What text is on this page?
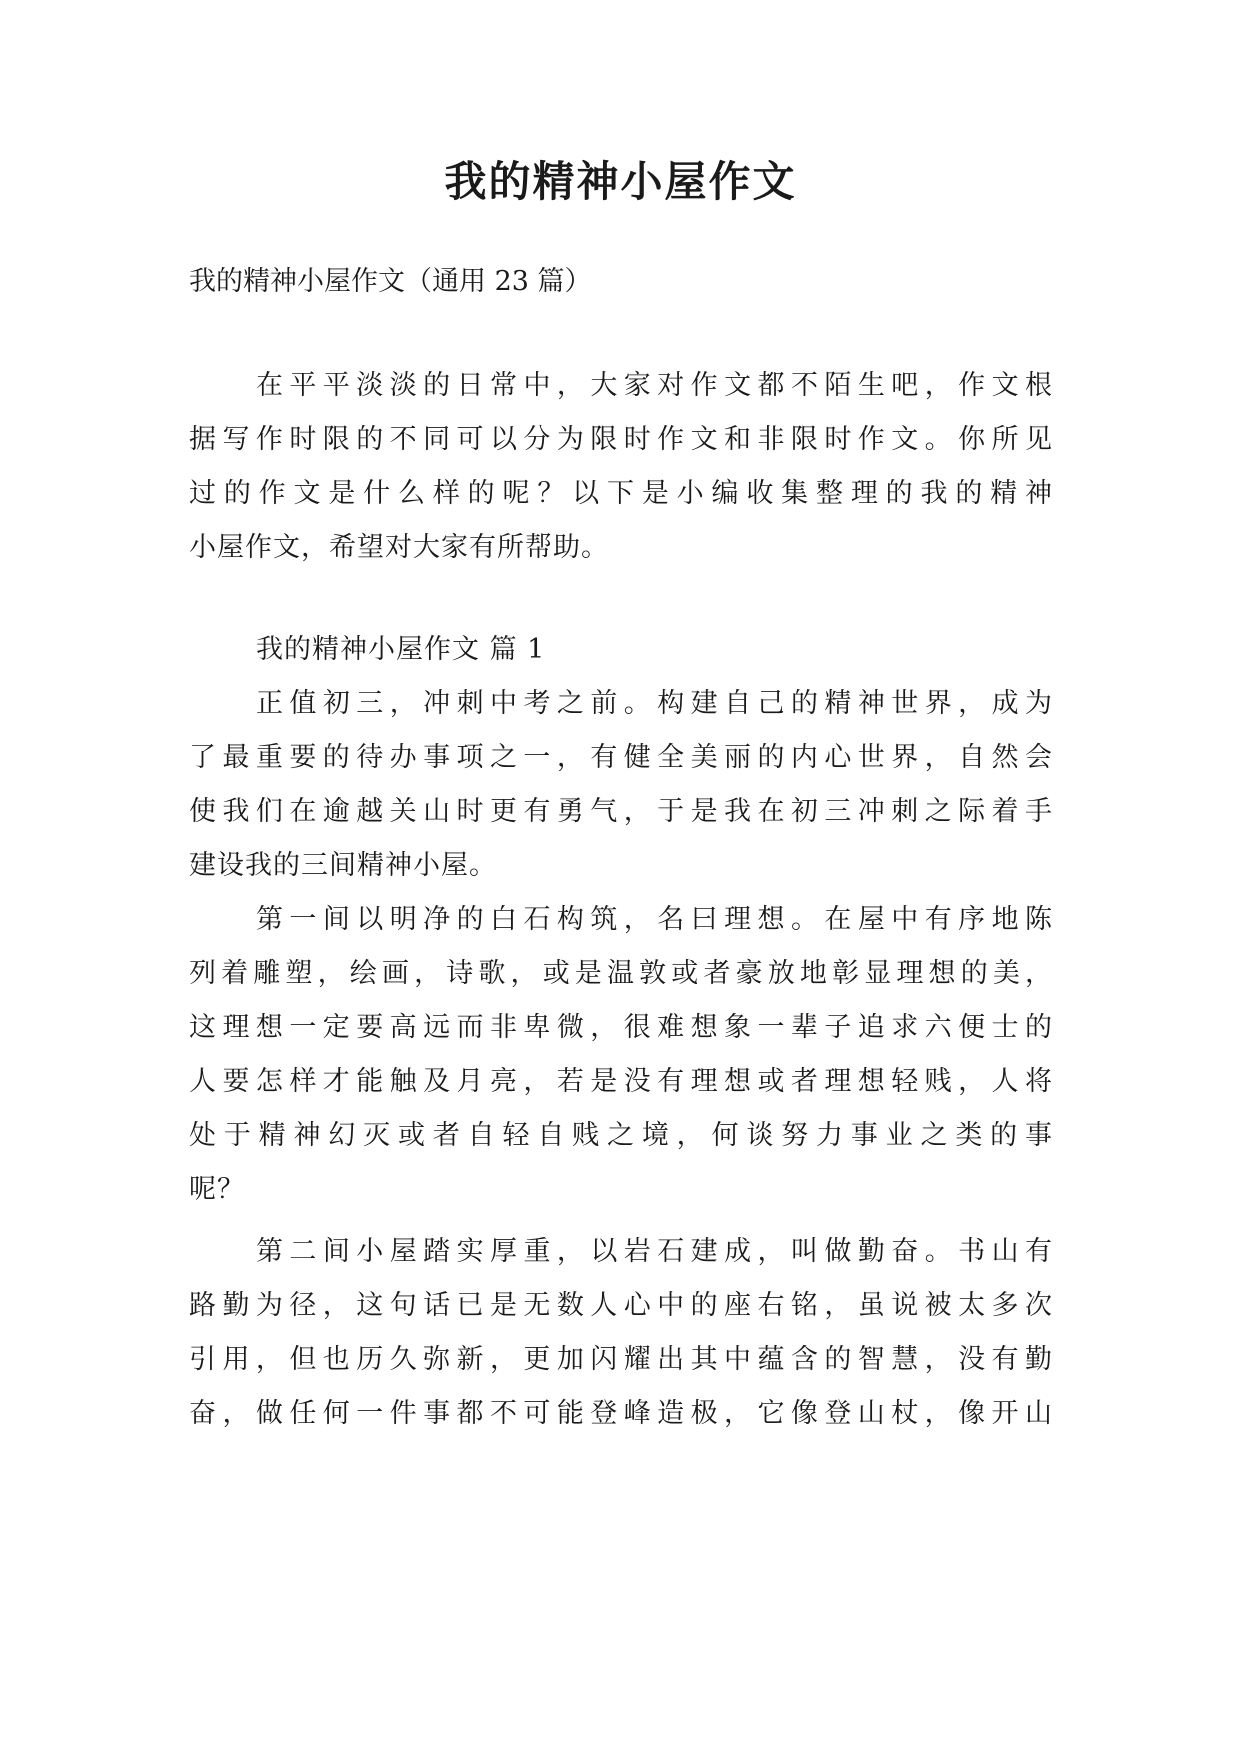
我的精神小屋作文

我的精神小屋作文（通用 23 篇）

在平平淡淡的日常中，大家对作文都不陌生吧，作文根

据写作时限的不同可以分为限时作文和非限时作文。你所见

过的作文是什么样的呢？以下是小编收集整理的我的精神

小屋作文，希望对大家有所帮助。

我的精神小屋作文 篇 1

正值初三，冲刺中考之前。构建自己的精神世界，成为

了最重要的待办事项之一，有健全美丽的内心世界，自然会

使我们在逾越关山时更有勇气，于是我在初三冲刺之际着手

建设我的三间精神小屋。

第一间以明净的白石构筑，名曰理想。在屋中有序地陈

列着雕塑，绘画，诗歌，或是温敦或者豪放地彰显理想的美，

这理想一定要高远而非卑微，很难想象一辈子追求六便士的

人要怎样才能触及月亮，若是没有理想或者理想轻贱，人将

处于精神幻灭或者自轻自贱之境，何谈努力事业之类的事

呢？

第二间小屋踏实厚重，以岩石建成，叫做勤奋。书山有

路勤为径，这句话已是无数人心中的座右铭，虽说被太多次

引用，但也历久弥新，更加闪耀出其中蕴含的智慧，没有勤

奋，做任何一件事都不可能登峰造极，它像登山杖，像开山
